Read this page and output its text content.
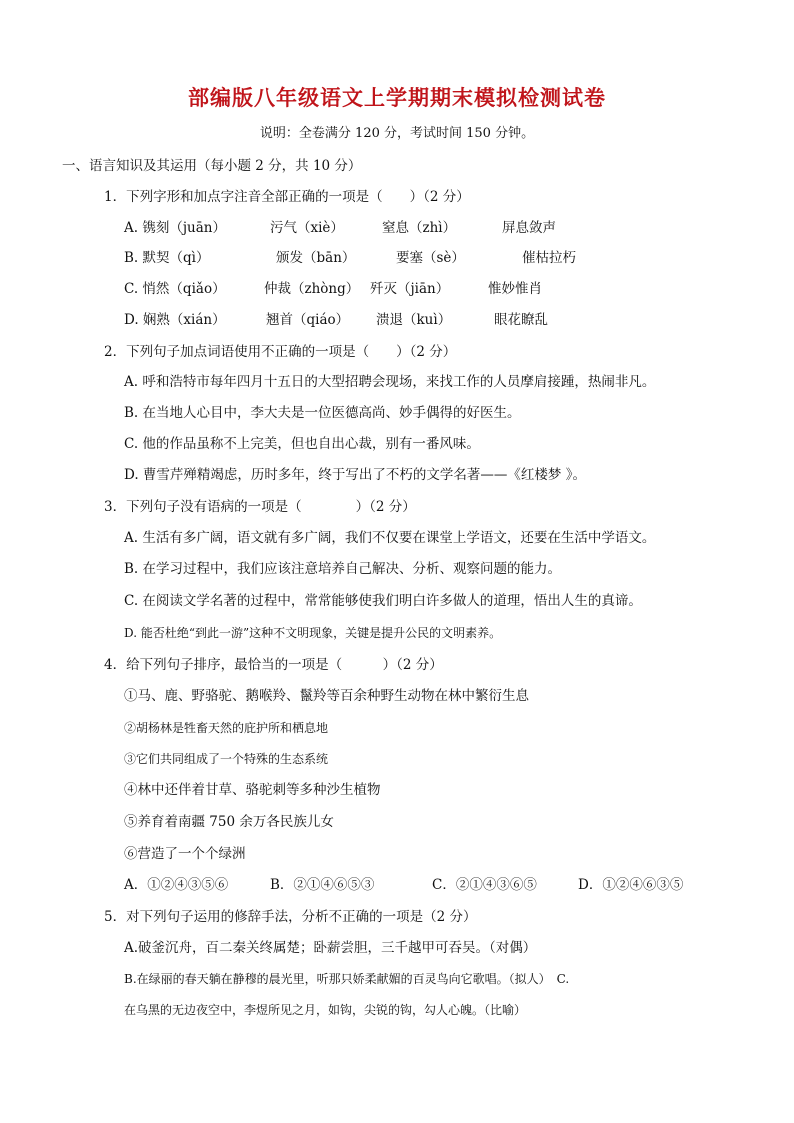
部编版八年级语文上学期期末模拟检测试卷
说明：全卷满分 120 分，考试时间 150 分钟。
一、语言知识及其运用（每小题 2 分，共 10 分）
1．下列字形和加点字注音全部正确的一项是（　　）（2 分）
A. 镌刻（juān）	污气（xiè）	窒息（zhì）	屏息敛声
B. 默契（qì）	颁发（bān）	要塞（sè）	催枯拉朽
C. 悄然（qiǎo）	仲裁（zhòng） 歼灭（jiān）	惟妙惟肖
D. 娴熟（xián）	翘首（qiáo） 溃退（kuì）	眼花瞭乱
2．下列句子加点词语使用不正确的一项是（　　）（2 分）
A. 呼和浩特市每年四月十五日的大型招聘会现场，来找工作的人员摩肩接踵，热闹非凡。
B. 在当地人心目中，李大夫是一位医德高尚、妙手偶得的好医生。
C. 他的作品虽称不上完美，但也自出心裁，别有一番风味。
D. 曹雪芹殚精竭虑，历时多年，终于写出了不朽的文学名著——《红楼梦 》。
3．下列句子没有语病的一项是（　　　　）（2 分）
A. 生活有多广阔，语文就有多广阔，我们不仅要在课堂上学语文，还要在生活中学语文。
B. 在学习过程中，我们应该注意培养自己解决、分析、观察问题的能力。
C. 在阅读文学名著的过程中，常常能够使我们明白许多做人的道理，悟出人生的真谛。
D. 能否杜绝“到此一游”这种不文明现象，关键是提升公民的文明素养。
4．给下列句子排序，最恰当的一项是（　　　）（2 分）
①马、鹿、野骆驼、鹅喉羚、鬣羚等百余种野生动物在林中繁衍生息
②胡杨林是牲畜天然的庇护所和栖息地
③它们共同组成了一个特殊的生态系统
④林中还伴着甘草、骆驼刺等多种沙生植物
⑤养育着南疆 750 余万各民族儿女
⑥营造了一个个绿洲
A．①②④③⑤⑥	B．②①④⑥⑤③	C．②①④③⑥⑤	D．①②④⑥③⑤
5．对下列句子运用的修辞手法，分析不正确的一项是（2 分）
A.破釜沉舟，百二秦关终属楚；卧薪尝胆，三千越甲可吞吴。（对偶）
B.在绿丽的春天躺在静穆的晨光里，听那只娇柔献媚的百灵鸟向它歌唱。（拟人）　C.
在乌黑的无边夜空中，李煜所见之月，如钩，尖锐的钩，勾人心魄。（比喻）
